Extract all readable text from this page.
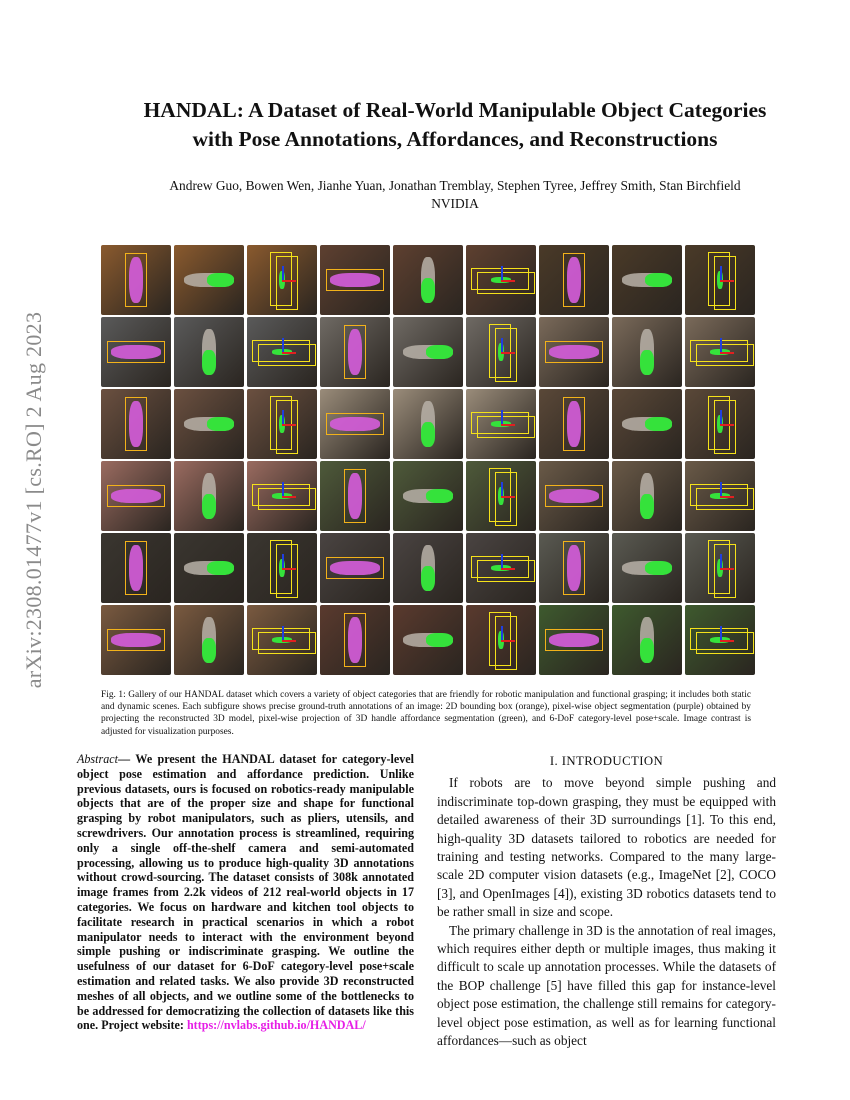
arXiv:2308.01477v1 [cs.RO] 2 Aug 2023
HANDAL: A Dataset of Real-World Manipulable Object Categories
with Pose Annotations, Affordances, and Reconstructions
Andrew Guo, Bowen Wen, Jianhe Yuan, Jonathan Tremblay, Stephen Tyree, Jeffrey Smith, Stan Birchfield
NVIDIA

Fig. 1: Gallery of our HANDAL dataset which covers a variety of object categories that are friendly for robotic manipulation and functional grasping; it includes both static and dynamic scenes. Each subfigure shows precise ground-truth annotations of an image: 2D bounding box (orange), pixel-wise object segmentation (purple) obtained by projecting the reconstructed 3D model, pixel-wise projection of 3D handle affordance segmentation (green), and 6-DoF category-level pose+scale. Image contrast is adjusted for visualization purposes.

Abstract— We present the HANDAL dataset for category-level object pose estimation and affordance prediction. Unlike previous datasets, ours is focused on robotics-ready manipulable objects that are of the proper size and shape for functional grasping by robot manipulators, such as pliers, utensils, and screwdrivers. Our annotation process is streamlined, requiring only a single off-the-shelf camera and semi-automated processing, allowing us to produce high-quality 3D annotations without crowd-sourcing. The dataset consists of 308k annotated image frames from 2.2k videos of 212 real-world objects in 17 categories. We focus on hardware and kitchen tool objects to facilitate research in practical scenarios in which a robot manipulator needs to interact with the environment beyond simple pushing or indiscriminate grasping. We outline the usefulness of our dataset for 6-DoF category-level pose+scale estimation and related tasks. We also provide 3D reconstructed meshes of all objects, and we outline some of the bottlenecks to be addressed for democratizing the collection of datasets like this one. Project website: https://nvlabs.github.io/HANDAL/
I. INTRODUCTION

If robots are to move beyond simple pushing and indiscriminate top-down grasping, they must be equipped with detailed awareness of their 3D surroundings [1]. To this end, high-quality 3D datasets tailored to robotics are needed for training and testing networks. Compared to the many large-scale 2D computer vision datasets (e.g., ImageNet [2], COCO [3], and OpenImages [4]), existing 3D robotics datasets tend to be rather small in size and scope.

The primary challenge in 3D is the annotation of real images, which requires either depth or multiple images, thus making it difficult to scale up annotation processes. While the datasets of the BOP challenge [5] have filled this gap for instance-level object pose estimation, the challenge still remains for category-level object pose estimation, as well as for learning functional affordances—such as object
